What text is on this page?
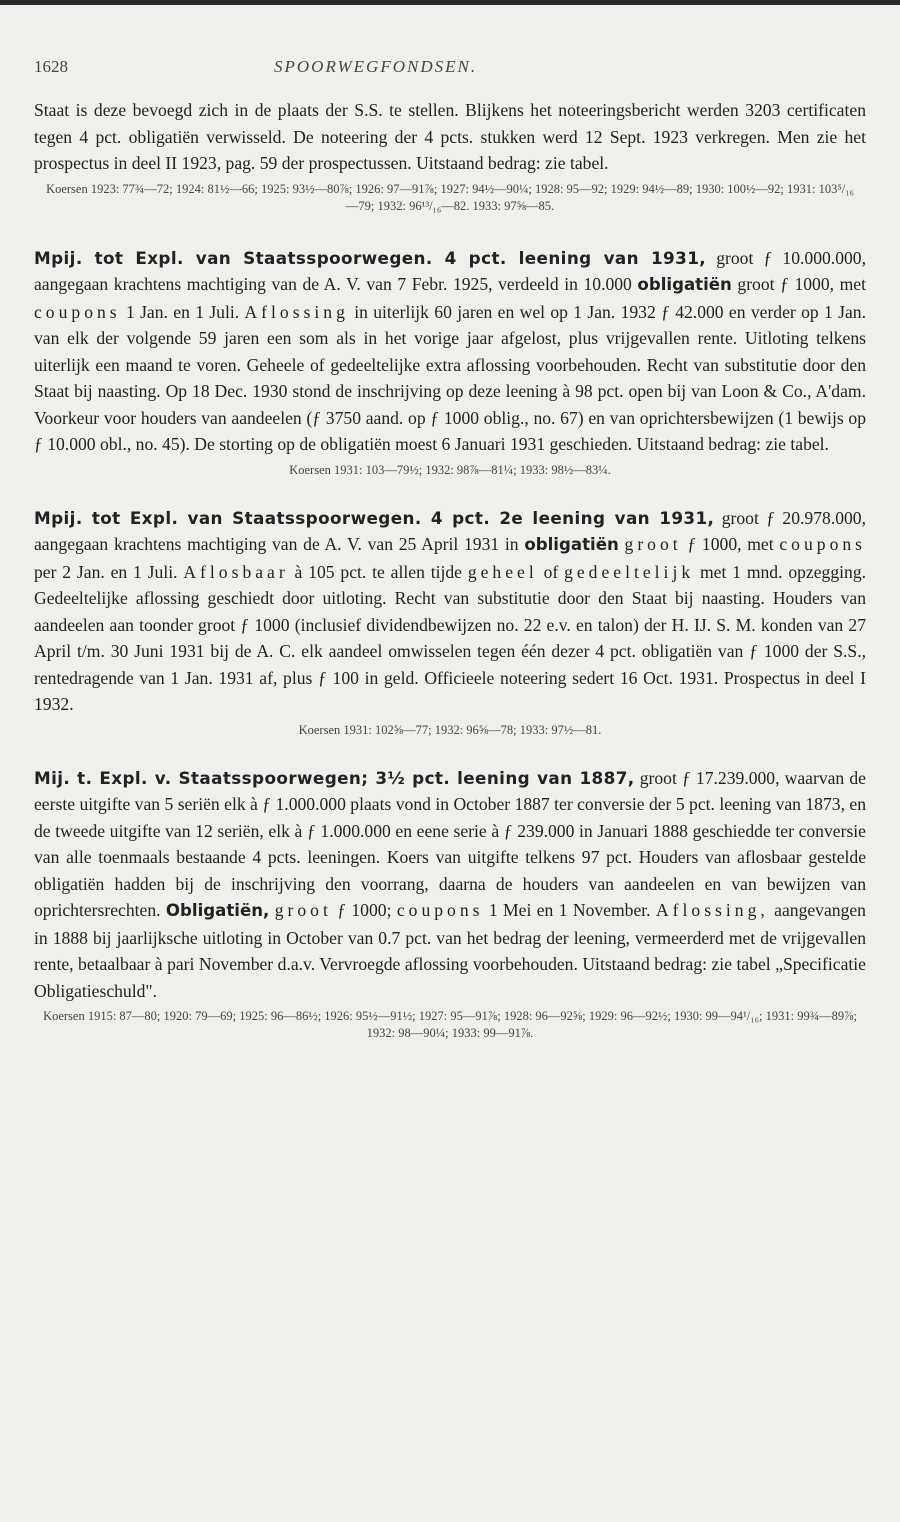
1628	SPOORWEGFONDSEN.

Staat is deze bevoegd zich in de plaats der S.S. te stellen. Blijkens het noteeringsbericht werden 3203 certificaten tegen 4 pct. obligatiën verwisseld. De noteering der 4 pcts. stukken werd 12 Sept. 1923 verkregen. Men zie het prospectus in deel II 1923, pag. 59 der prospectussen. Uitstaand bedrag: zie tabel.

Koersen 1923: 77¾—72; 1924: 81½—66; 1925: 93½—80⅞; 1926: 97—91⅞; 1927: 94½—90¼; 1928: 95—92; 1929: 94½—89; 1930: 100½—92; 1931: 103⁵/₁₆—79; 1932: 96¹³/₁₆—82. 1933: 97⅝—85.

Mpij. tot Expl. van Staatsspoorwegen. 4 pct. leening van 1931, groot ƒ 10.000.000, aangegaan krachtens machtiging van de A. V. van 7 Febr. 1925, verdeeld in 10.000 obligatiën groot ƒ 1000, met coupons 1 Jan. en 1 Juli. Aflossing in uiterlijk 60 jaren en wel op 1 Jan. 1932 ƒ 42.000 en verder op 1 Jan. van elk der volgende 59 jaren een som als in het vorige jaar afgelost, plus vrijgevallen rente. Uitloting telkens uiterlijk een maand te voren. Geheele of gedeeltelijke extra aflossing voorbehouden. Recht van substitutie door den Staat bij naasting. Op 18 Dec. 1930 stond de inschrijving op deze leening à 98 pct. open bij van Loon & Co., A'dam. Voorkeur voor houders van aandeelen (ƒ 3750 aand. op ƒ 1000 oblig., no. 67) en van oprichtersbewijzen (1 bewijs op ƒ 10.000 obl., no. 45). De storting op de obligatiën moest 6 Januari 1931 geschieden. Uitstaand bedrag: zie tabel.

Koersen 1931: 103—79½; 1932: 98⅞—81¼; 1933: 98½—83¼.

Mpij. tot Expl. van Staatsspoorwegen. 4 pct. 2e leening van 1931, groot ƒ 20.978.000, aangegaan krachtens machtiging van de A. V. van 25 April 1931 in obligatiën groot ƒ 1000, met coupons per 2 Jan. en 1 Juli. Aflosbaar à 105 pct. te allen tijde geheel of gedeeltelijk met 1 mnd. opzegging. Gedeeltelijke aflossing geschiedt door uitloting. Recht van substitutie door den Staat bij naasting. Houders van aandeelen aan toonder groot ƒ 1000 (inclusief dividendbewijzen no. 22 e.v. en talon) der H. IJ. S. M. konden van 27 April t/m. 30 Juni 1931 bij de A. C. elk aandeel omwisselen tegen één dezer 4 pct. obligatiën van ƒ 1000 der S.S., rentedragende van 1 Jan. 1931 af, plus ƒ 100 in geld. Officieele noteering sedert 16 Oct. 1931. Prospectus in deel I 1932.

Koersen 1931: 102⅝—77; 1932: 96⅝—78; 1933: 97½—81.

Mij. t. Expl. v. Staatsspoorwegen; 3½ pct. leening van 1887, groot ƒ 17.239.000, waarvan de eerste uitgifte van 5 seriën elk à ƒ 1.000.000 plaats vond in October 1887 ter conversie der 5 pct. leening van 1873, en de tweede uitgifte van 12 seriën, elk à ƒ 1.000.000 en eene serie à ƒ 239.000 in Januari 1888 geschiedde ter conversie van alle toenmaals bestaande 4 pcts. leeningen. Koers van uitgifte telkens 97 pct. Houders van aflosbaar gestelde obligatiën hadden bij de inschrijving den voorrang, daarna de houders van aandeelen en van bewijzen van oprichtersrechten. Obligatiën, groot ƒ 1000; coupons 1 Mei en 1 November. Aflossing, aangevangen in 1888 bij jaarlijksche uitloting in October van 0.7 pct. van het bedrag der leening, vermeerderd met de vrijgevallen rente, betaalbaar à pari November d.a.v. Vervroegde aflossing voorbehouden. Uitstaand bedrag: zie tabel „Specificatie Obligatieschuld".

Koersen 1915: 87—80; 1920: 79—69; 1925: 96—86½; 1926: 95½—91½; 1927: 95—91⅞; 1928: 96—92⅝; 1929: 96—92½; 1930: 99—94¹/₁₆; 1931: 99¾—89⅞; 1932: 98—90¼; 1933: 99—91⅞.
